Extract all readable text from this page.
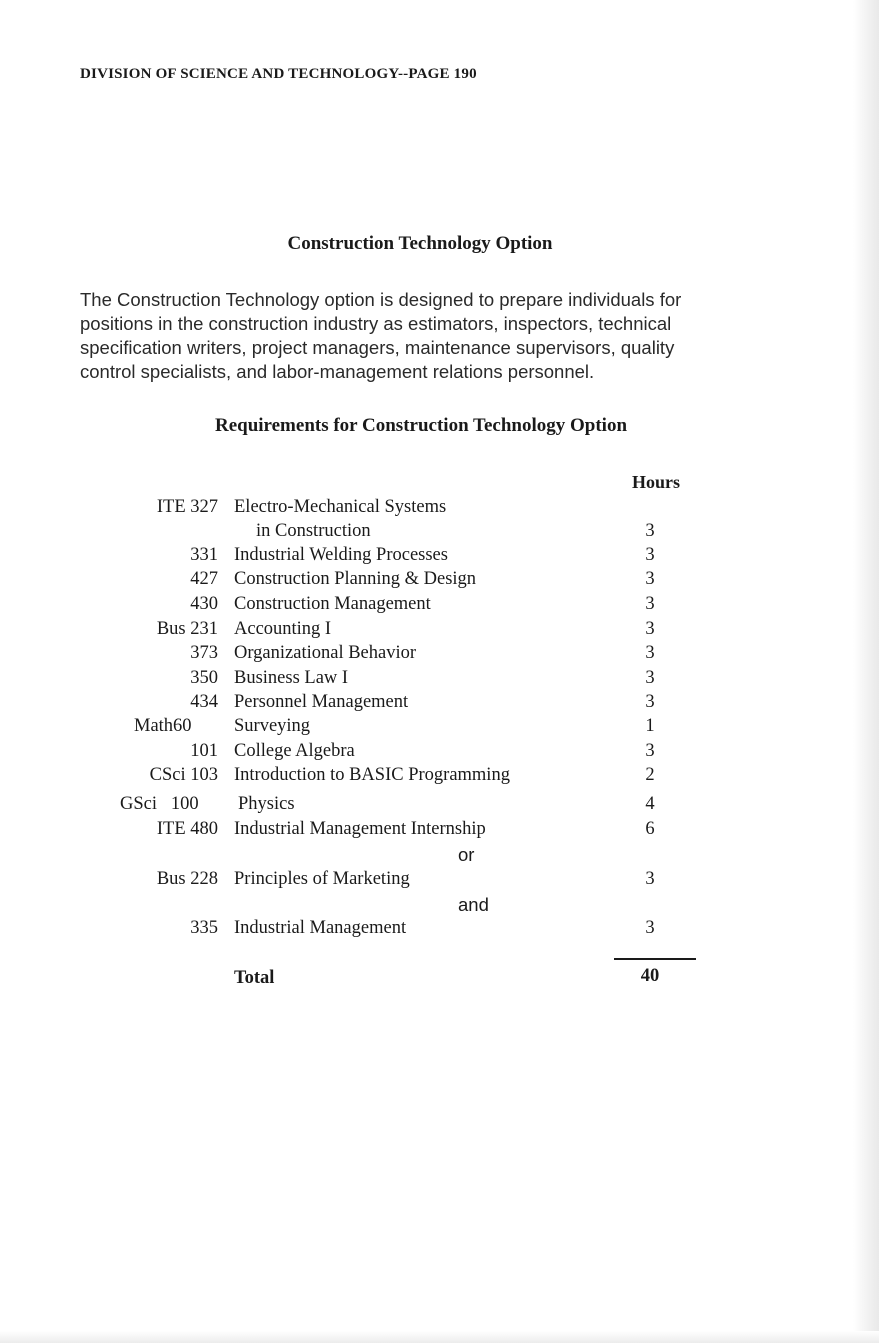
DIVISION OF SCIENCE AND TECHNOLOGY--PAGE 190
Construction Technology Option
The Construction Technology option is designed to prepare individuals for
positions in the construction industry as estimators, inspectors, technical
specification writers, project managers, maintenance supervisors, quality
control specialists, and labor-management relations personnel.
Requirements for Construction Technology Option
Hours
ITE 327 Electro-Mechanical Systems
in Construction	3
331 Industrial Welding Processes	3
427 Construction Planning & Design	3
430 Construction Management	3
Bus 231 Accounting I	3
373 Organizational Behavior	3
350 Business Law I	3
434 Personnel Management	3
Math60 Surveying	1
101 College Algebra	3
CSci 103 Introduction to BASIC Programming	2
GSci   100 Physics	4
ITE 480 Industrial Management Internship	6
or
Bus 228 Principles of Marketing	3
and
335 Industrial Management	3
Total	40
